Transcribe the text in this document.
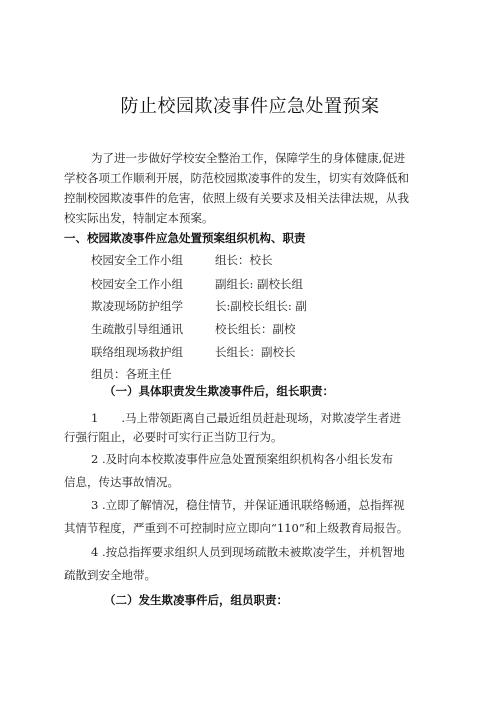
防止校园欺凌事件应急处置预案
为了进一步做好学校安全整治工作，保障学生的身体健康,促进
学校各项工作顺利开展，防范校园欺凌事件的发生，切实有效降低和
控制校园欺凌事件的危害，依照上级有关要求及相关法律法规，从我
校实际出发，特制定本预案。
一、校园欺凌事件应急处置预案组织机构、职责
校园安全工作小组	组长：校长
校园安全工作小组	副组长: 副校长组
欺凌现场防护组学	长:副校长组长: 副
生疏散引导组通讯	校长组长：副校
联络组现场救护组	长组长：副校长
组员：各班主任
（一）具体职责发生欺凌事件后，组长职责：
1　　.马上带领距离自己最近组员赶赴现场，对欺凌学生者进
行强行阻止，必要时可实行正当防卫行为。
2 .及时向本校欺凌事件应急处置预案组织机构各小组长发布
信息，传达事故情况。
3 .立即了解情况，稳住情节，并保证通讯联络畅通，总指挥视
其情节程度，严重到不可控制时应立即向“110”和上级教育局报告。
4 .按总指挥要求组织人员到现场疏散未被欺凌学生，并机智地
疏散到安全地带。
（二）发生欺凌事件后，组员职责：
